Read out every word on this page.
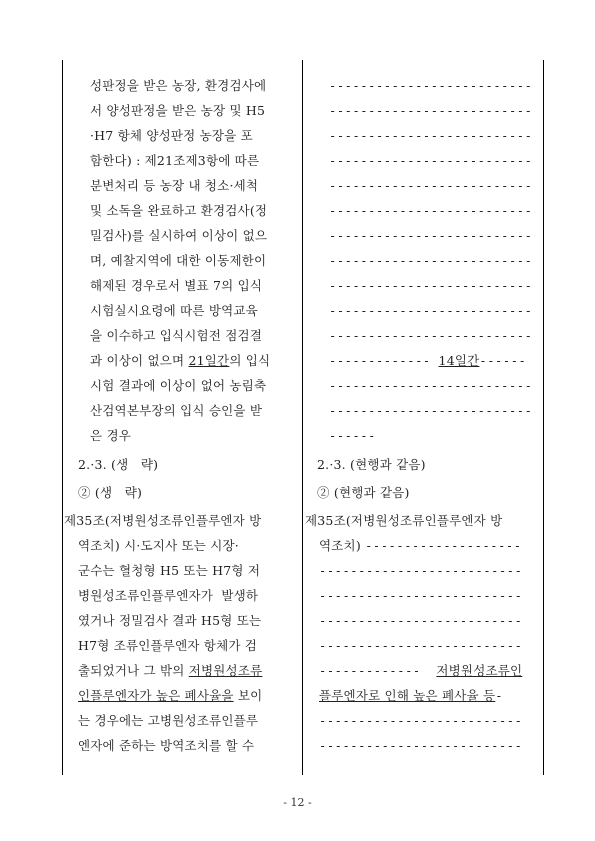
성판정을 받은 농장, 환경검사에
서 양성판정을 받은 농장 및 H5
·H7 항체 양성판정 농장을 포
함한다) : 제21조제3항에 따른
분변처리 등 농장 내 청소·세척
및 소독을 완료하고 환경검사(정
밀검사)를 실시하여 이상이 없으
며, 예찰지역에 대한 이동제한이
해제된 경우로서 별표 7의 입식
시험실시요령에 따른 방역교육
을 이수하고 입식시험전 점검결
과 이상이 없으며 21일간의 입식
시험 결과에 이상이 없어 농림축
산검역본부장의 입식 승인을 받
은 경우
2.·3. (생   략)
② (생   략)
제35조(저병원성조류인플루엔자 방
역조치) 시·도지사 또는 시장·
군수는 혈청형 H5 또는 H7형 저
병원성조류인플루엔자가  발생하
였거나 정밀검사 결과 H5형 또는
H7형 조류인플루엔자 항체가 검
출되었거나 그 밖의 저병원성조류
인플루엔자가 높은 폐사율을 보이
는 경우에는 고병원성조류인플루
엔자에 준하는 방역조치를 할 수
--------------------------
--------------------------
--------------------------
--------------------------
--------------------------
--------------------------
--------------------------
--------------------------
--------------------------
--------------------------
--------------------------
------------- 14일간------
--------------------------
--------------------------
------
2.·3. (현행과 같음)
② (현행과 같음)
제35조(저병원성조류인플루엔자 방
역조치) --------------------
--------------------------
--------------------------
--------------------------
--------------------------
-------------  저병원성조류인
플루엔자로 인해 높은 폐사율 등-
--------------------------
--------------------------
- 12 -
